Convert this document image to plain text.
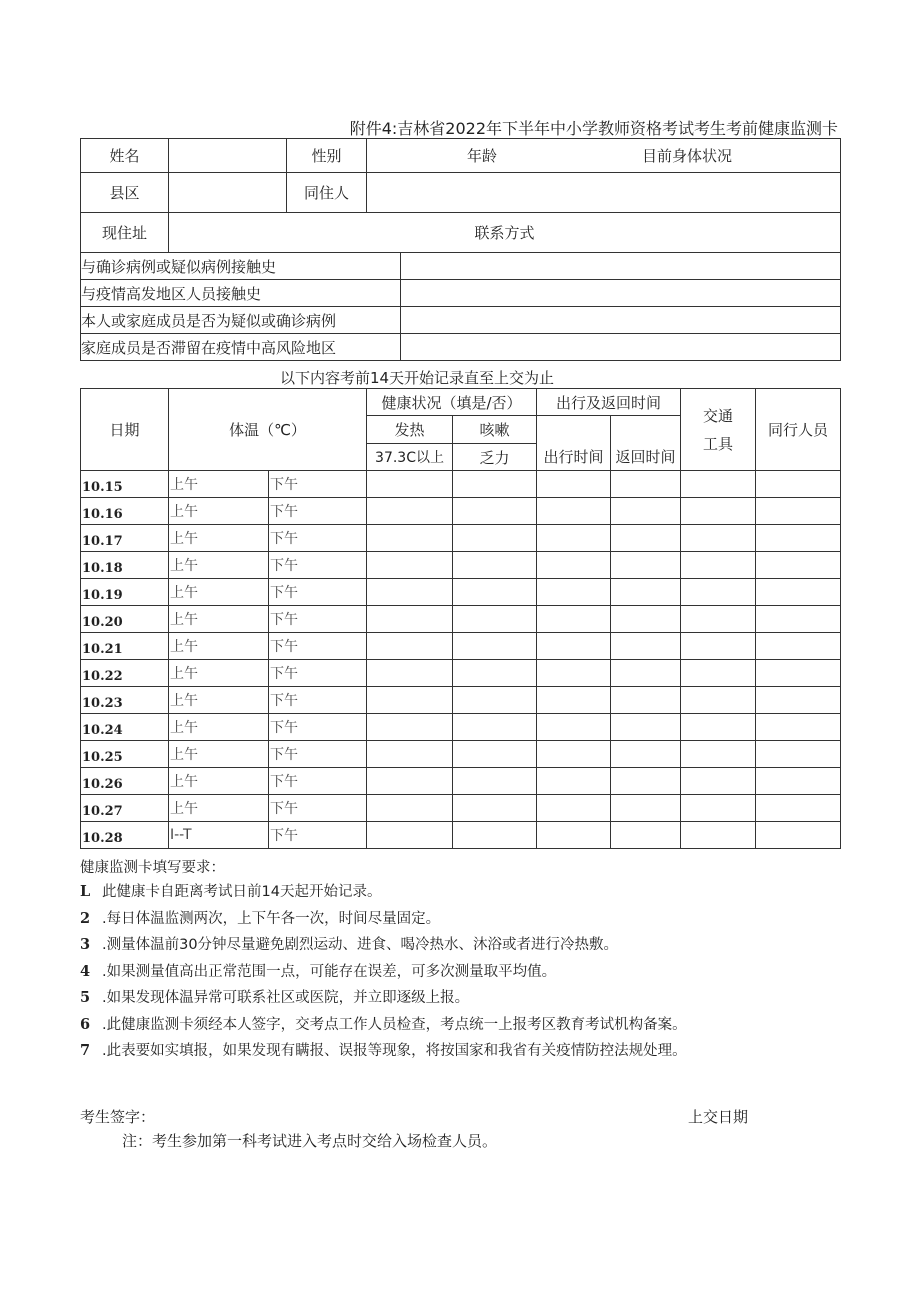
附件4:吉林省2022年下半年中小学教师资格考试考生考前健康监测卡
姓名		性别	年龄 目前身体状况
县区		同住人	
现住址	联系方式		
与确诊病例或疑似病例接触史	
与疫情高发地区人员接触史	
本人或家庭成员是否为疑似或确诊病例	
家庭成员是否滞留在疫情中高风险地区	
以下内容考前14天开始记录直至上交为止
日期	体温（℃）		健康状况（填是/否）		出行及返回时间		交通工具	同行人员
			发热	咳嗽	出行时间	返回时间		
			37.3C以上	乏力				
10.15	上午	下午						
10.16	上午	下午						
10.17	上午	下午						
10.18	上午	下午						
10.19	上午	下午						
10.20	上午	下午						
10.21	上午	下午						
10.22	上午	下午						
10.23	上午	下午						
10.24	上午	下午						
10.25	上午	下午						
10.26	上午	下午						
10.27	上午	下午						
10.28	I--T	下午						
健康监测卡填写要求：
L 此健康卡自距离考试日前14天起开始记录。
2 .每日体温监测两次，上下午各一次，时间尽量固定。
3 .测量体温前30分钟尽量避免剧烈运动、进食、喝冷热水、沐浴或者进行冷热敷。
4 .如果测量值高出正常范围一点，可能存在误差，可多次测量取平均值。
5 .如果发现体温异常可联系社区或医院，并立即逐级上报。
6 .此健康监测卡须经本人签字，交考点工作人员检查，考点统一上报考区教育考试机构备案。
7 .此表要如实填报，如果发现有瞒报、误报等现象，将按国家和我省有关疫情防控法规处理。
考生签字：	上交日期
注：考生参加第一科考试进入考点时交给入场检查人员。
